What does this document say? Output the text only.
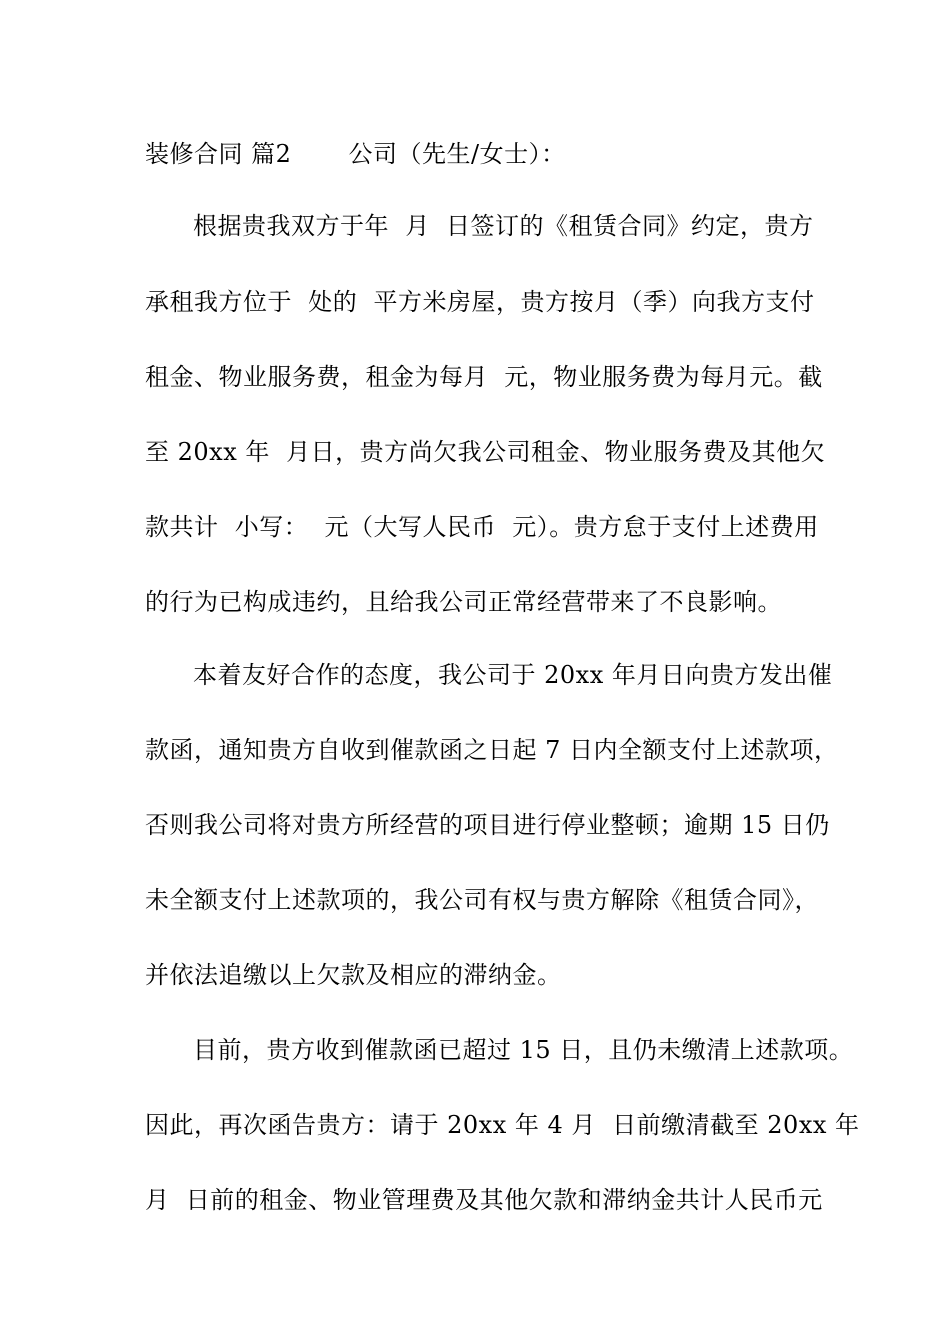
装修合同 篇2　　 公司（先生/女士）：
根据贵我双方于年  月  日签订的《租赁合同》约定，贵方
承租我方位于  处的  平方米房屋，贵方按月（季）向我方支付
租金、物业服务费，租金为每月  元，物业服务费为每月元。截
至 20xx 年  月日，贵方尚欠我公司租金、物业服务费及其他欠
款共计  小写：  元（大写人民币  元）。贵方怠于支付上述费用
的行为已构成违约，且给我公司正常经营带来了不良影响。
本着友好合作的态度，我公司于 20xx 年月日向贵方发出催
款函，通知贵方自收到催款函之日起 7 日内全额支付上述款项，
否则我公司将对贵方所经营的项目进行停业整顿；逾期 15 日仍
未全额支付上述款项的，我公司有权与贵方解除《租赁合同》，
并依法追缴以上欠款及相应的滞纳金。
目前，贵方收到催款函已超过 15 日，且仍未缴清上述款项。
因此，再次函告贵方：请于 20xx 年 4 月  日前缴清截至 20xx 年
月  日前的租金、物业管理费及其他欠款和滞纳金共计人民币元
